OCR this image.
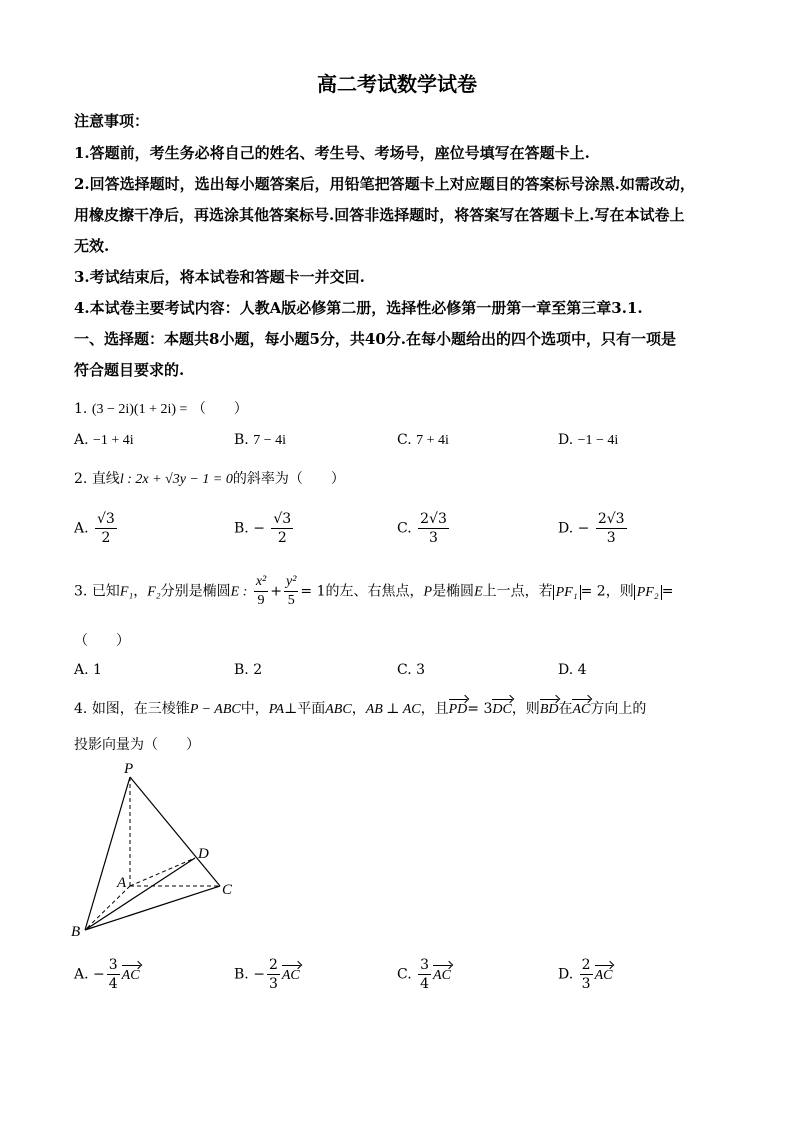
高二考试数学试卷
注意事项：
1.答题前，考生务必将自己的姓名、考生号、考场号，座位号填写在答题卡上.
2.回答选择题时，选出每小题答案后，用铅笔把答题卡上对应题目的答案标号涂黑.如需改动，
用橡皮擦干净后，再选涂其他答案标号.回答非选择题时，将答案写在答题卡上.写在本试卷上
无效.
3.考试结束后，将本试卷和答题卡一并交回.
4.本试卷主要考试内容：人教A版必修第二册，选择性必修第一册第一章至第三章3.1.
一、选择题：本题共8小题，每小题5分，共40分.在每小题给出的四个选项中，只有一项是
符合题目要求的.
1. (3 − 2i)(1 + 2i) = （　　）
A. −1 + 4i	B. 7 − 4i	C. 7 + 4i	D. −1 − 4i
2. 直线l : 2x + √3y − 1 = 0的斜率为（　　）
A. $\frac{√3}{2}$	B. − $\frac{√3}{2}$	C. $\frac{2√3}{3}$	D. − $\frac{2√3}{3}$
3. 已知F₁，F₂分别是椭圆E : $\frac{\text{x²}}{9} + \frac{\text{y²}}{5} = 1$的左、右焦点，P是椭圆E上一点，若 PF₁ = 2，则 PF₂ =
（　　）
A. 1	B. 2	C. 3	D. 4
4. 如图，在三棱锥P − ABC中，PA⊥平面ABC，AB ⊥ AC，且PD= 3DC，则BD在AC方向上的
投影向量为（　　）
P
A
B
C
D
A. − $\frac{3}{4}$ AC	B. − $\frac{2}{3}$ AC	C. $\frac{3}{4}$ AC	D. $\frac{2}{3}$ AC
